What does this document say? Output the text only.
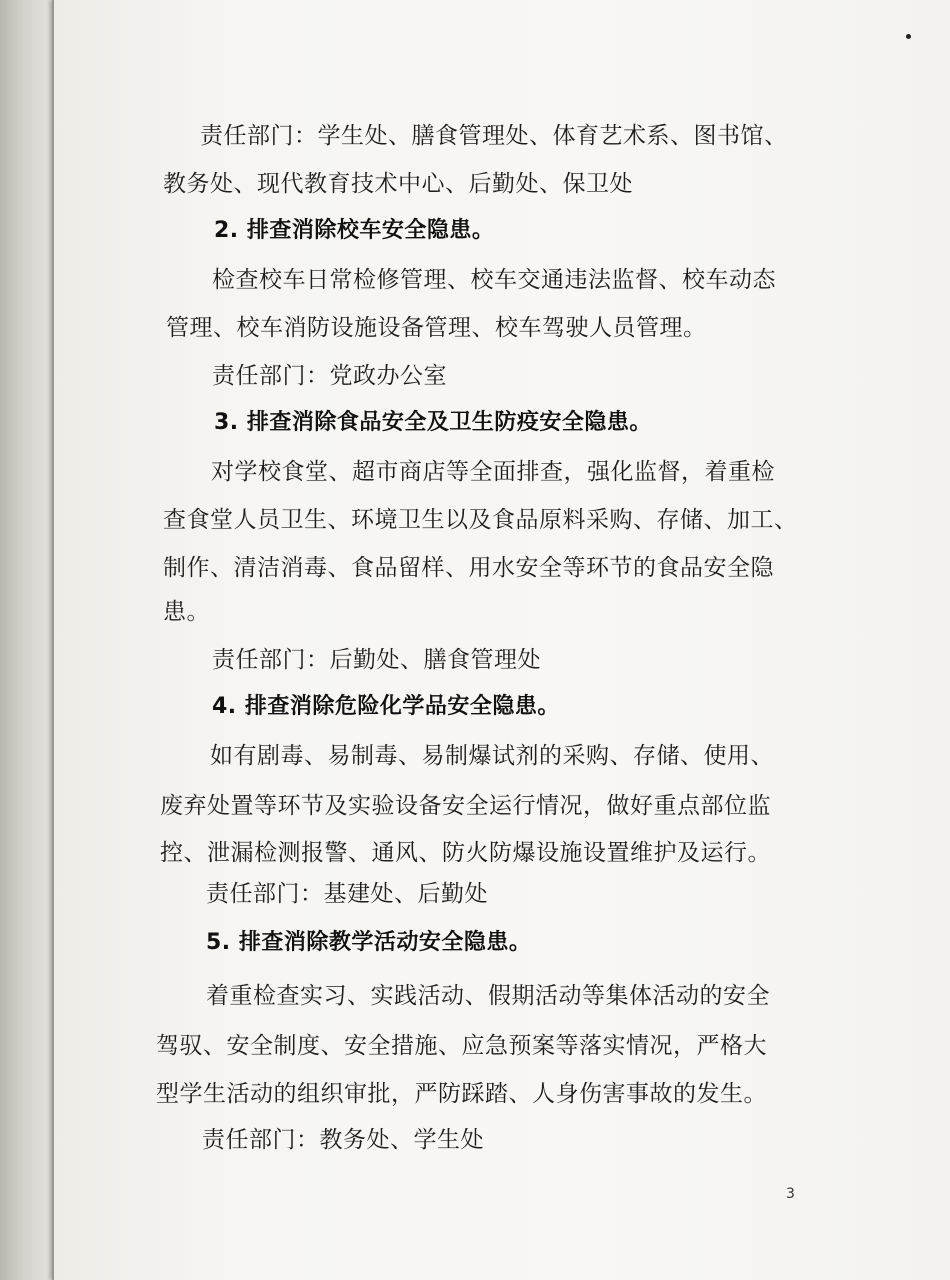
责任部门：学生处、膳食管理处、体育艺术系、图书馆、
教务处、现代教育技术中心、后勤处、保卫处
2. 排查消除校车安全隐患。
检查校车日常检修管理、校车交通违法监督、校车动态
管理、校车消防设施设备管理、校车驾驶人员管理。
责任部门：党政办公室
3. 排查消除食品安全及卫生防疫安全隐患。
对学校食堂、超市商店等全面排查，强化监督，着重检
查食堂人员卫生、环境卫生以及食品原料采购、存储、加工、
制作、清洁消毒、食品留样、用水安全等环节的食品安全隐
患。
责任部门：后勤处、膳食管理处
4. 排查消除危险化学品安全隐患。
如有剧毒、易制毒、易制爆试剂的采购、存储、使用、
废弃处置等环节及实验设备安全运行情况，做好重点部位监
控、泄漏检测报警、通风、防火防爆设施设置维护及运行。
责任部门：基建处、后勤处
5. 排查消除教学活动安全隐患。
着重检查实习、实践活动、假期活动等集体活动的安全
驾驭、安全制度、安全措施、应急预案等落实情况，严格大
型学生活动的组织审批，严防踩踏、人身伤害事故的发生。
责任部门：教务处、学生处
3
